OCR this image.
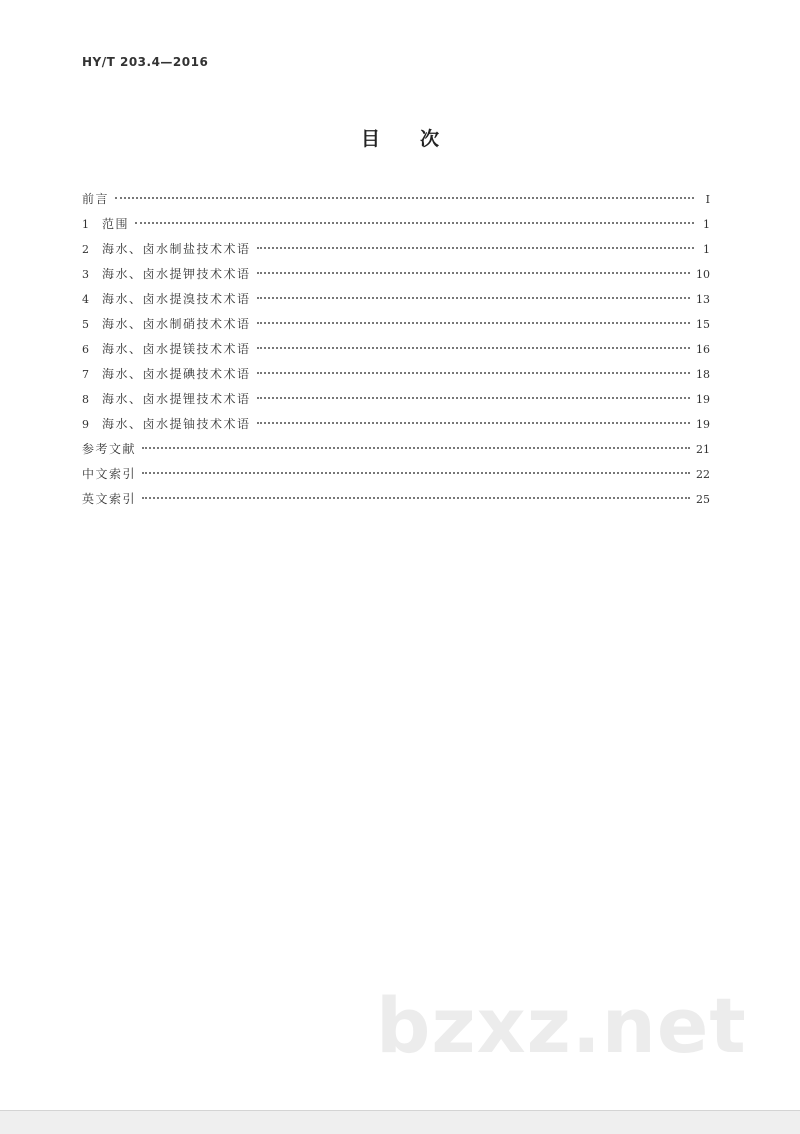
HY/T 203.4—2016
目次
前言	Ⅰ
1	范围	1
2	海水、卤水制盐技术术语	1
3	海水、卤水提钾技术术语	10
4	海水、卤水提溴技术术语	13
5	海水、卤水制硝技术术语	15
6	海水、卤水提镁技术术语	16
7	海水、卤水提碘技术术语	18
8	海水、卤水提锂技术术语	19
9	海水、卤水提铀技术术语	19
参考文献	21
中文索引	22
英文索引	25
bzxz.net
